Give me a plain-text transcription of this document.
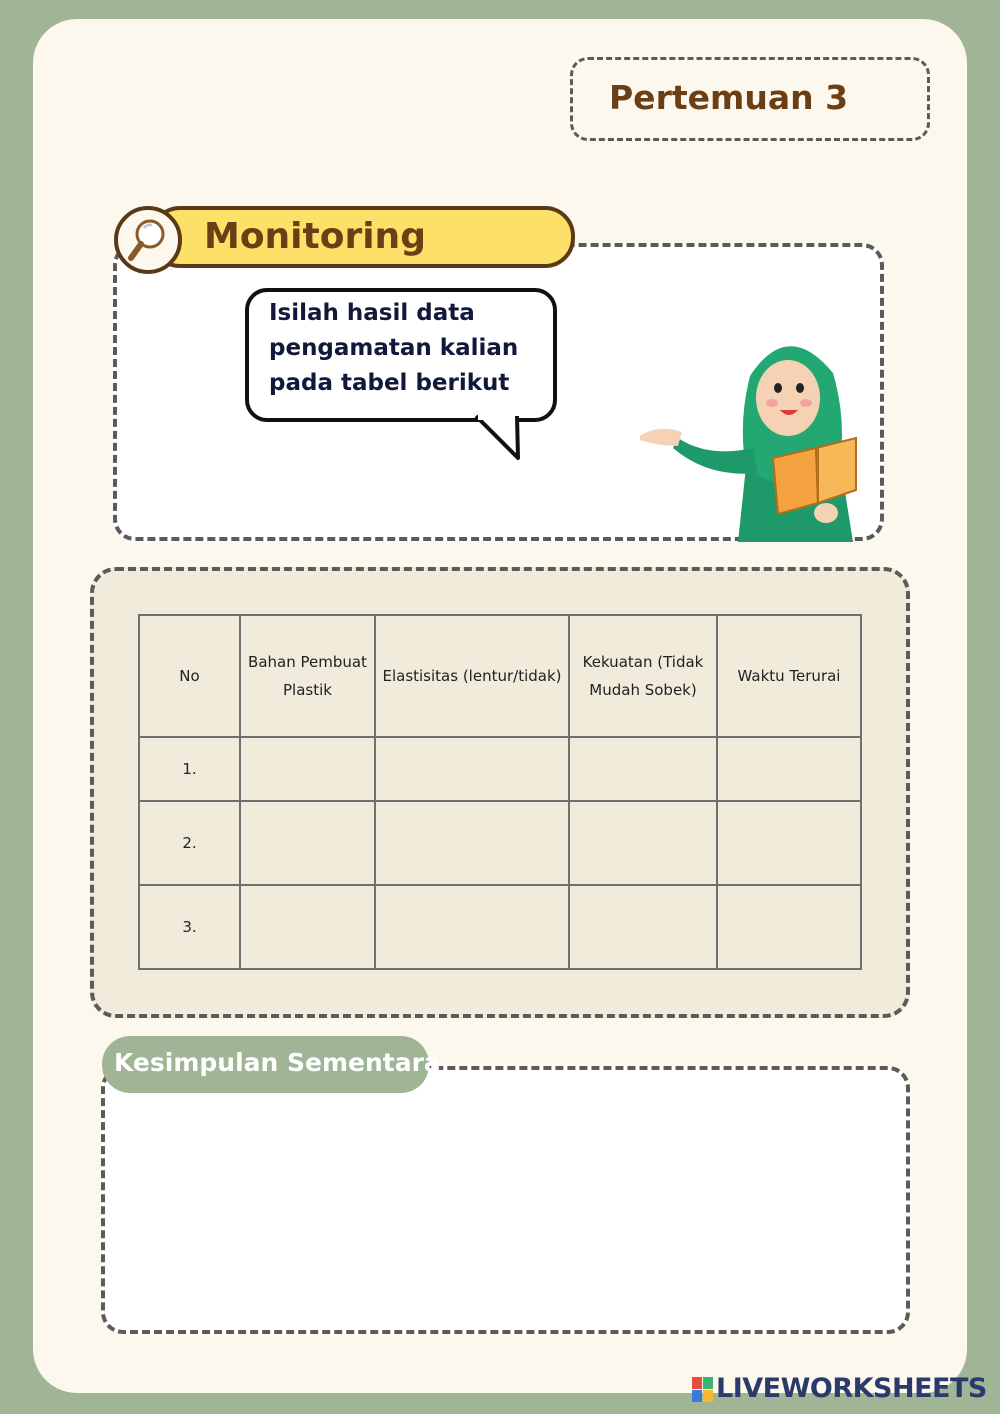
Pertemuan 3
Monitoring
Isilah hasil data pengamatan kalian pada tabel berikut
No	Bahan Pembuat Plastik	Elastisitas (lentur/tidak)	Kekuatan (Tidak Mudah Sobek)	Waktu Terurai
1.				
2.				
3.				
Kesimpulan Sementara
LIVEWORKSHEETS
